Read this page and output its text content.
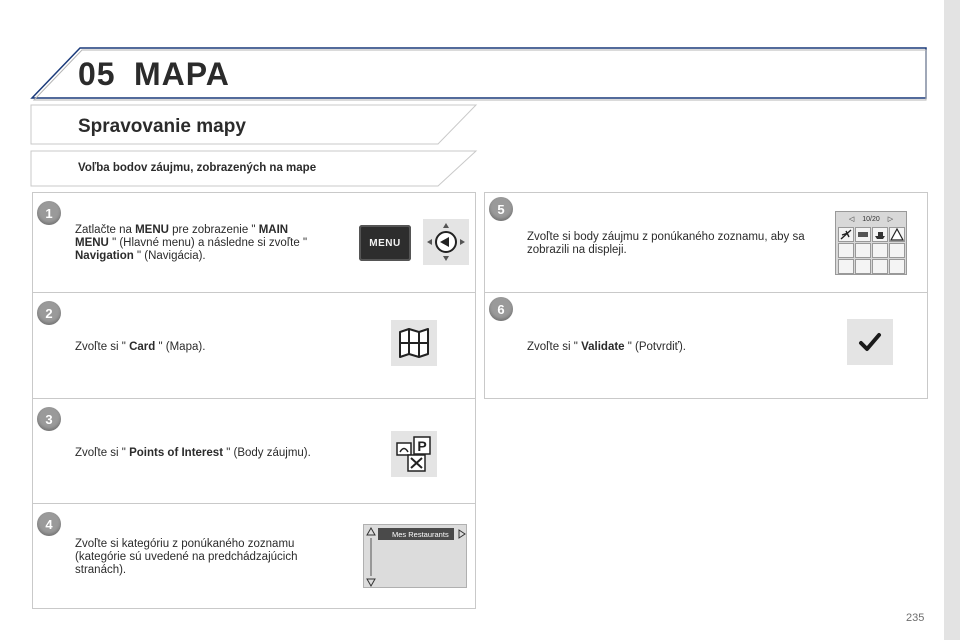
05 MAPA
Spravovanie mapy
Voľba bodov záujmu, zobrazených na mape
1
Zatlačte na MENU pre zobrazenie " MAIN MENU " (Hlavné menu) a následne si zvoľte " Navigation " (Navigácia).
MENU
2
Zvoľte si " Card " (Mapa).
3
Zvoľte si " Points of Interest " (Body záujmu).	P
4
Zvoľte si kategóriu z ponúkaného zoznamu (kategórie sú uvedené na predchádzajúcich stranách).
Mes Restaurants
5
Zvoľte si body záujmu z ponúkaného zoznamu, aby sa zobrazili na displeji.
◁ 10/20 ▷
6
Zvoľte si " Validate " (Potvrdiť).
235
